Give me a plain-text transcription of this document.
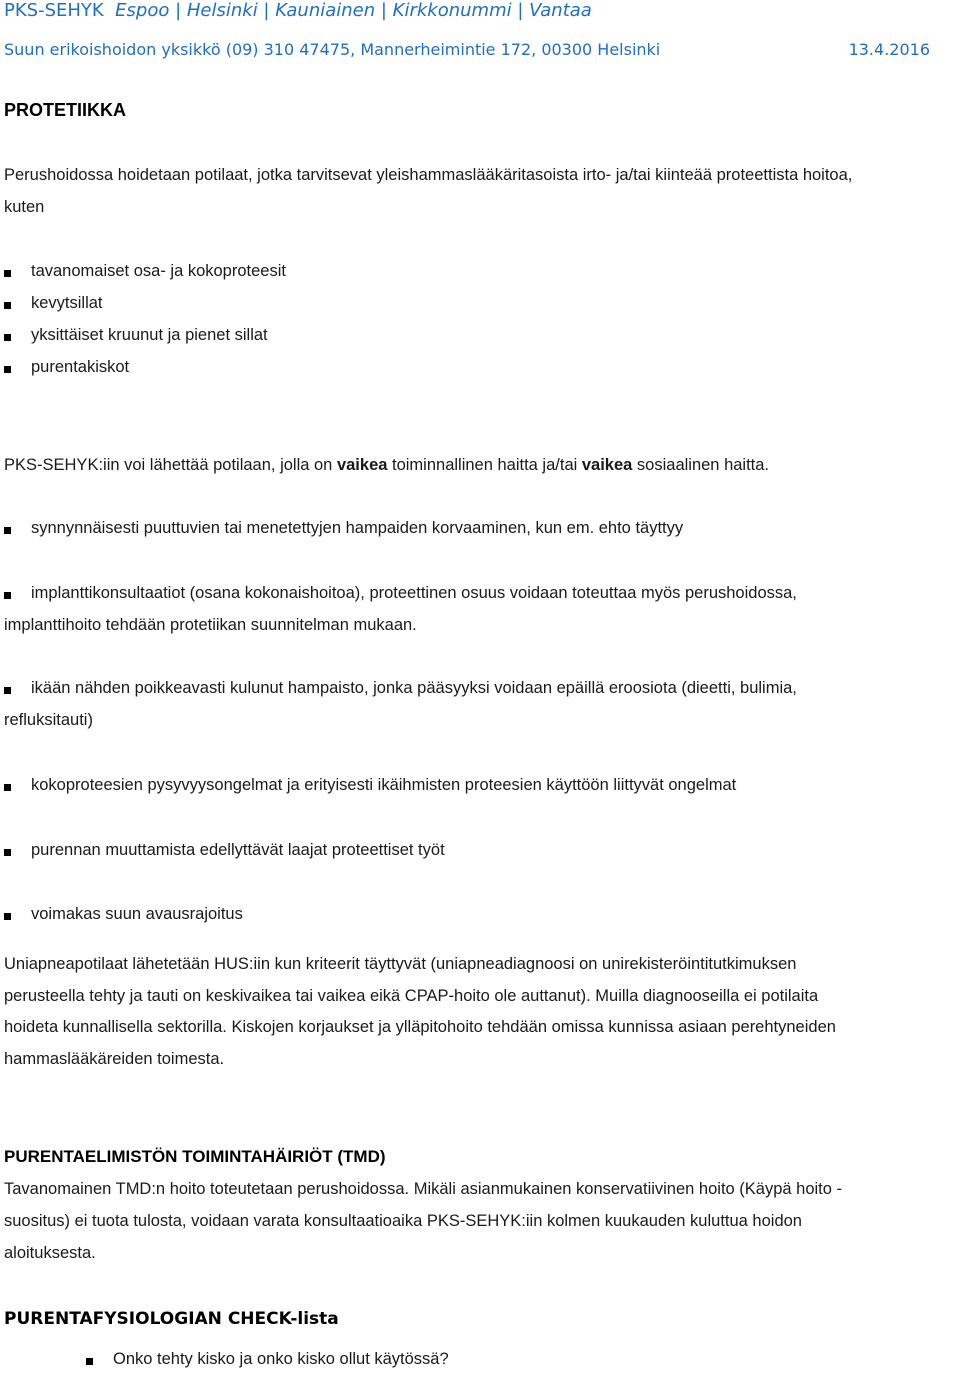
PKS-SEHYK Espoo | Helsinki | Kauniainen | Kirkkonummi | Vantaa
Suun erikoishoidon yksikkö (09) 310 47475, Mannerheimintie 172, 00300 Helsinki	13.4.2016
PROTETIIKKA
Perushoidossa hoidetaan potilaat, jotka tarvitsevat yleishammaslääkäritasoista irto- ja/tai kiinteää proteettista hoitoa,
kuten
tavanomaiset osa- ja kokoproteesit
kevytsillat
yksittäiset kruunut ja pienet sillat
purentakiskot
PKS-SEHYK:iin voi lähettää potilaan, jolla on vaikea toiminnallinen haitta ja/tai vaikea sosiaalinen haitta.
synnynnäisesti puuttuvien tai menetettyjen hampaiden korvaaminen, kun em. ehto täyttyy
implanttikonsultaatiot (osana kokonaishoitoa), proteettinen osuus voidaan toteuttaa myös perushoidossa,
implanttihoito tehdään protetiikan suunnitelman mukaan.
ikään nähden poikkeavasti kulunut hampaisto, jonka pääsyyksi voidaan epäillä eroosiota (dieetti, bulimia,
refluksitauti)
kokoproteesien pysyvyysongelmat ja erityisesti ikäihmisten proteesien käyttöön liittyvät ongelmat
purennan muuttamista edellyttävät laajat proteettiset työt
voimakas suun avausrajoitus
Uniapneapotilaat lähetetään HUS:iin kun kriteerit täyttyvät (uniapneadiagnoosi on unirekisteröintitutkimuksen
perusteella tehty ja tauti on keskivaikea tai vaikea eikä CPAP-hoito ole auttanut). Muilla diagnooseilla ei potilaita
hoideta kunnallisella sektorilla. Kiskojen korjaukset ja ylläpitohoito tehdään omissa kunnissa asiaan perehtyneiden
hammaslääkäreiden toimesta.
PURENTAELIMISTÖN TOIMINTAHÄIRIÖT (TMD)
Tavanomainen TMD:n hoito toteutetaan perushoidossa. Mikäli asianmukainen konservatiivinen hoito (Käypä hoito -
suositus) ei tuota tulosta, voidaan varata konsultaatioaika PKS-SEHYK:iin kolmen kuukauden kuluttua hoidon
aloituksesta.
PURENTAFYSIOLOGIAN CHECK-lista
Onko tehty kisko ja onko kisko ollut käytössä?
